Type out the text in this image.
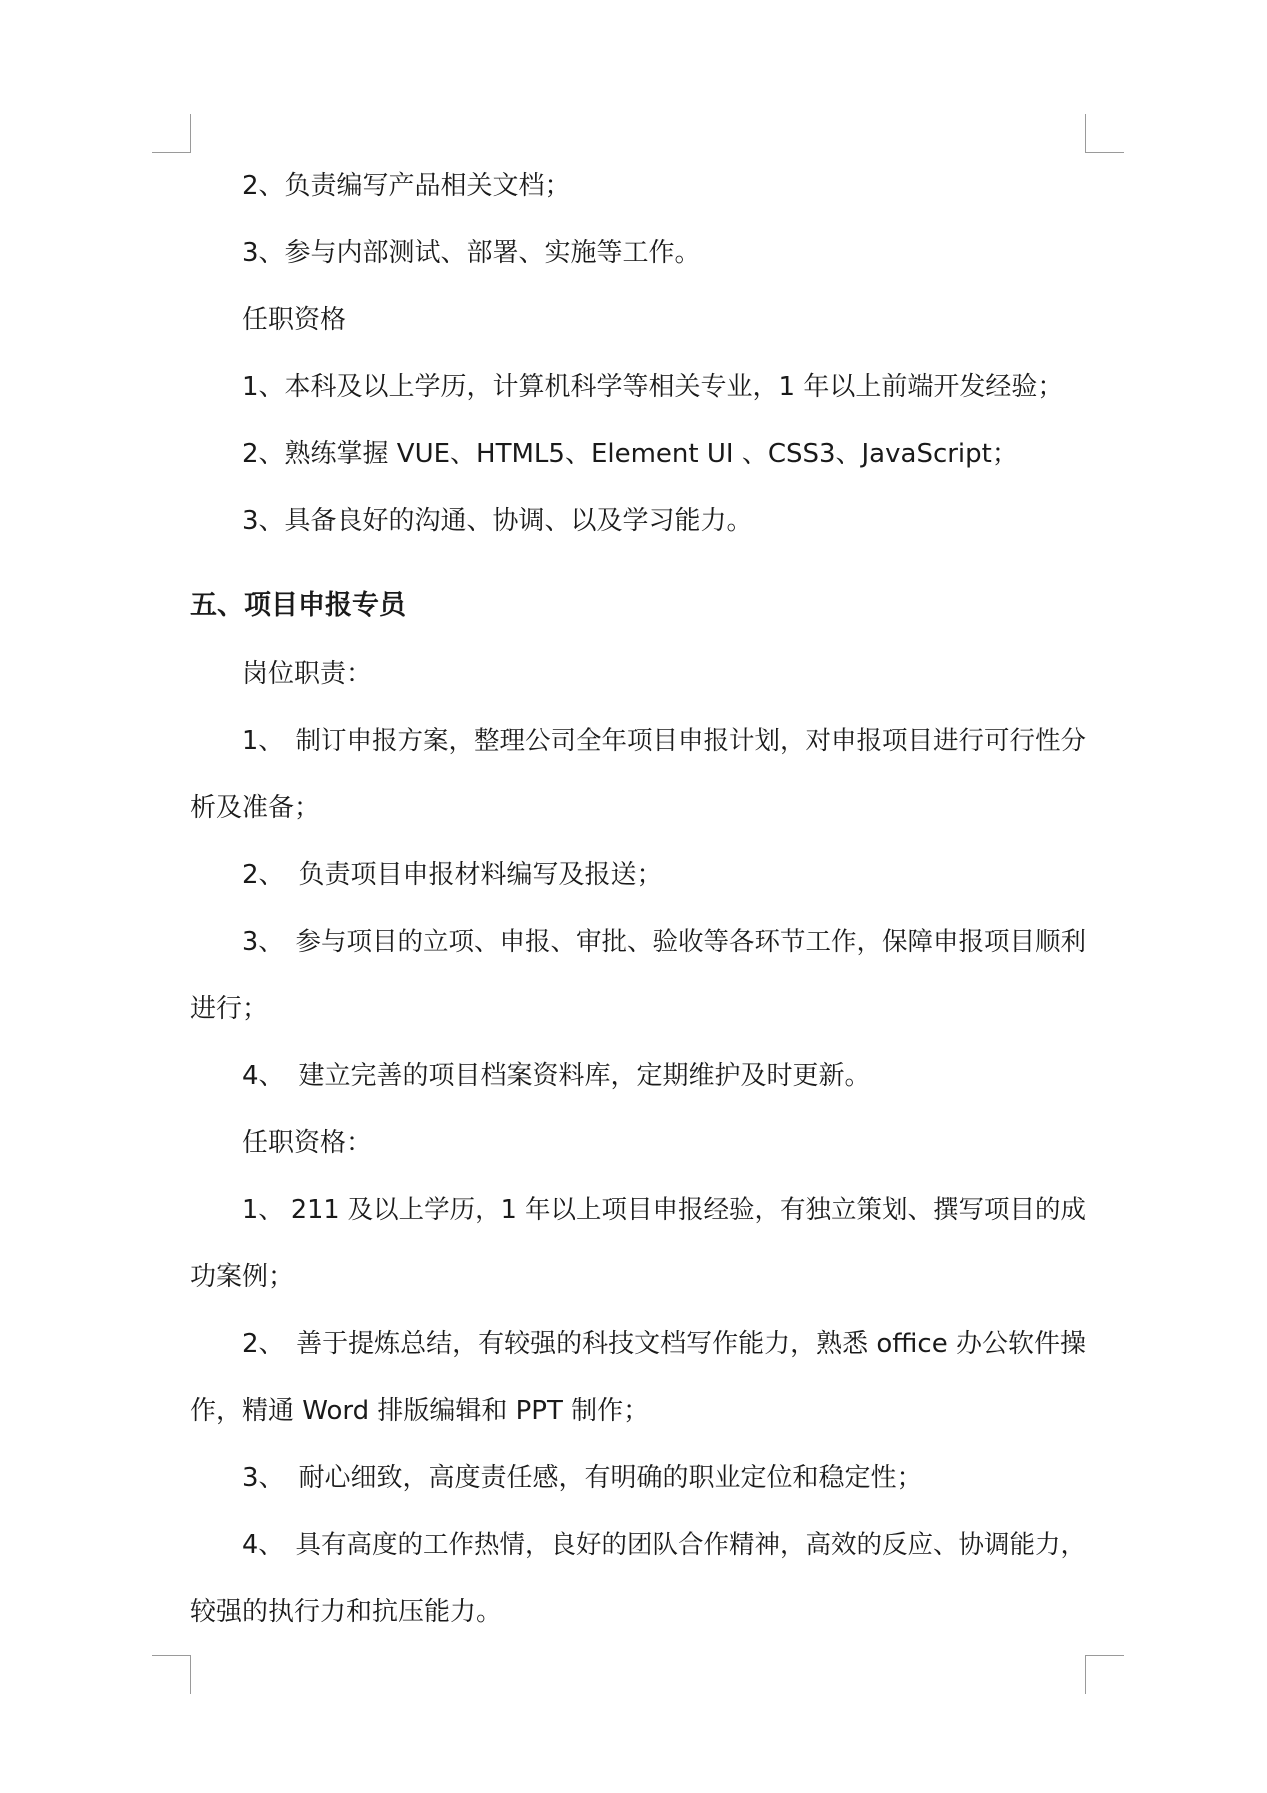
2、负责编写产品相关文档；
3、参与内部测试、部署、实施等工作。
任职资格
1、本科及以上学历，计算机科学等相关专业，1 年以上前端开发经验；
2、熟练掌握 VUE、HTML5、Element UI 、CSS3、JavaScript；
3、具备良好的沟通、协调、以及学习能力。
五、项目申报专员
岗位职责：
1、 制订申报方案，整理公司全年项目申报计划，对申报项目进行可行性分
析及准备；
2、 负责项目申报材料编写及报送；
3、 参与项目的立项、申报、审批、验收等各环节工作，保障申报项目顺利
进行；
4、 建立完善的项目档案资料库，定期维护及时更新。
任职资格：
1、 211 及以上学历，1 年以上项目申报经验，有独立策划、撰写项目的成
功案例；
2、 善于提炼总结，有较强的科技文档写作能力，熟悉 office 办公软件操
作，精通 Word 排版编辑和 PPT 制作；
3、 耐心细致，高度责任感，有明确的职业定位和稳定性；
4、 具有高度的工作热情，良好的团队合作精神，高效的反应、协调能力，
较强的执行力和抗压能力。
